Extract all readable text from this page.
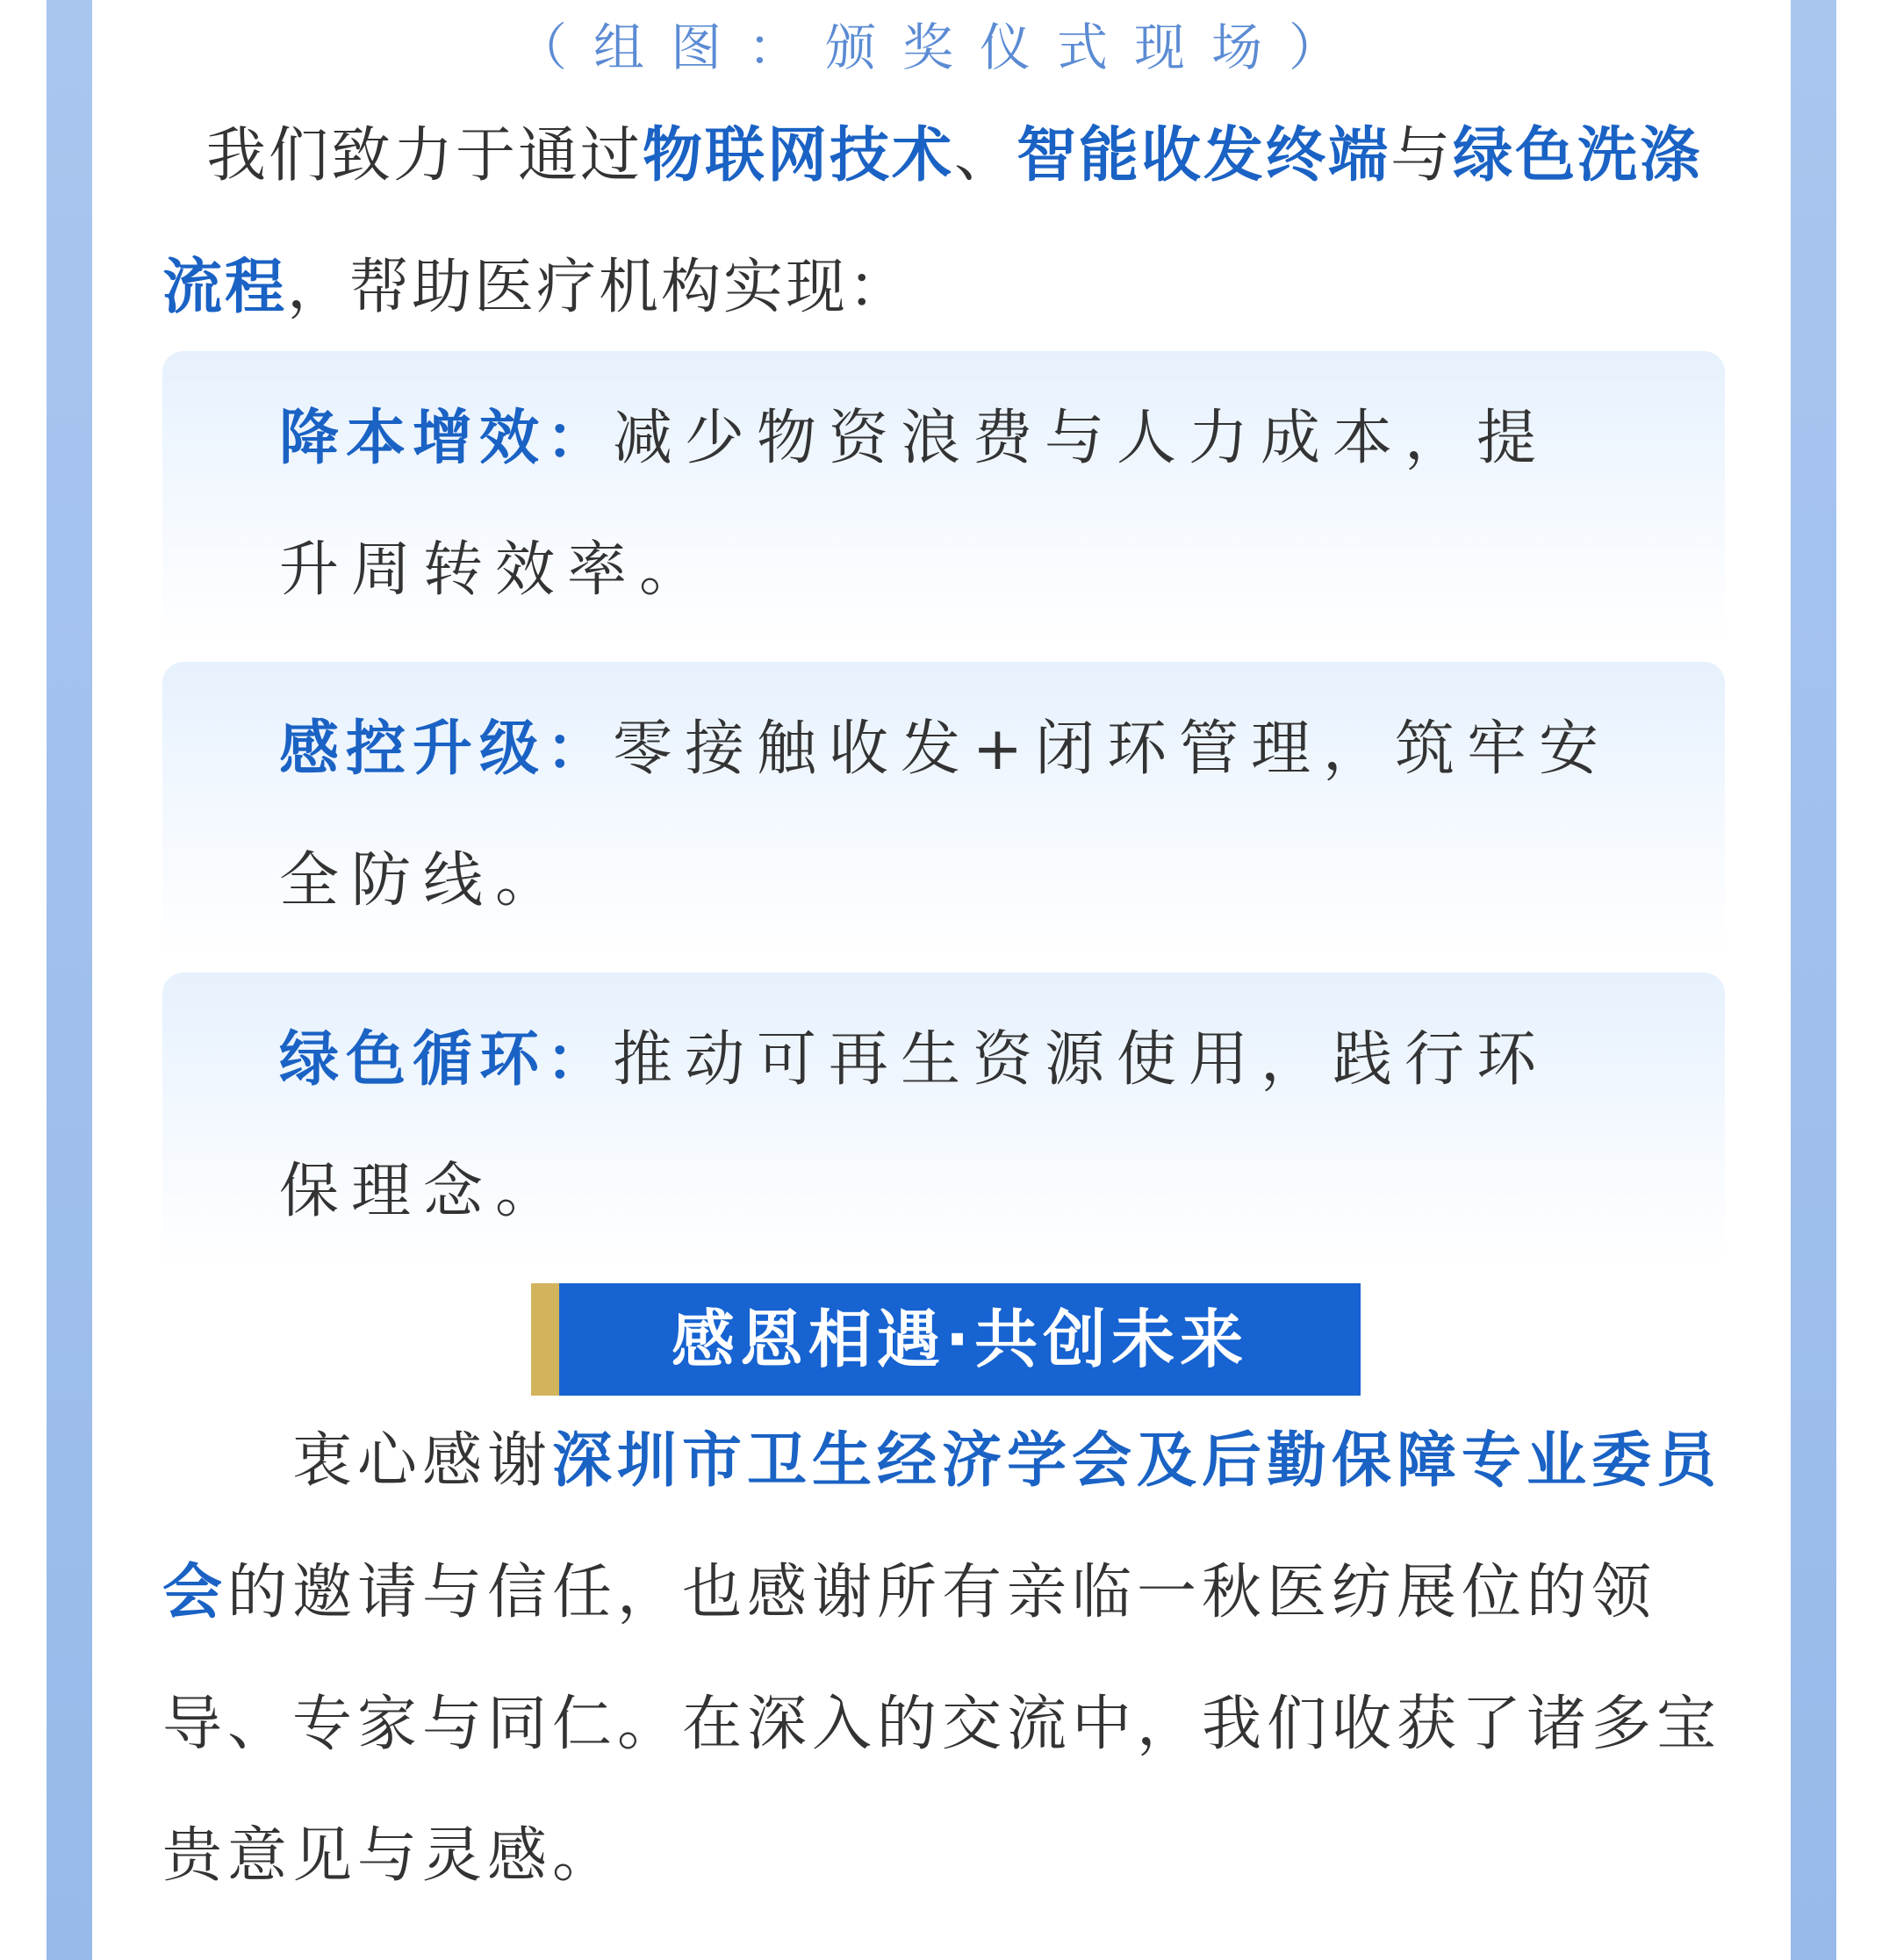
（组图：颁奖仪式现场）
我们致力于通过物联网技术、智能收发终端与绿色洗涤流程，帮助医疗机构实现：
降本增效：减少物资浪费与人力成本，提升周转效率。
感控升级：零接触收发+闭环管理，筑牢安全防线。
绿色循环：推动可再生资源使用，践行环保理念。
感恩相遇·共创未来
衷心感谢深圳市卫生经济学会及后勤保障专业委员会的邀请与信任，也感谢所有亲临一秋医纺展位的领导、专家与同仁。在深入的交流中，我们收获了诸多宝贵意见与灵感。
